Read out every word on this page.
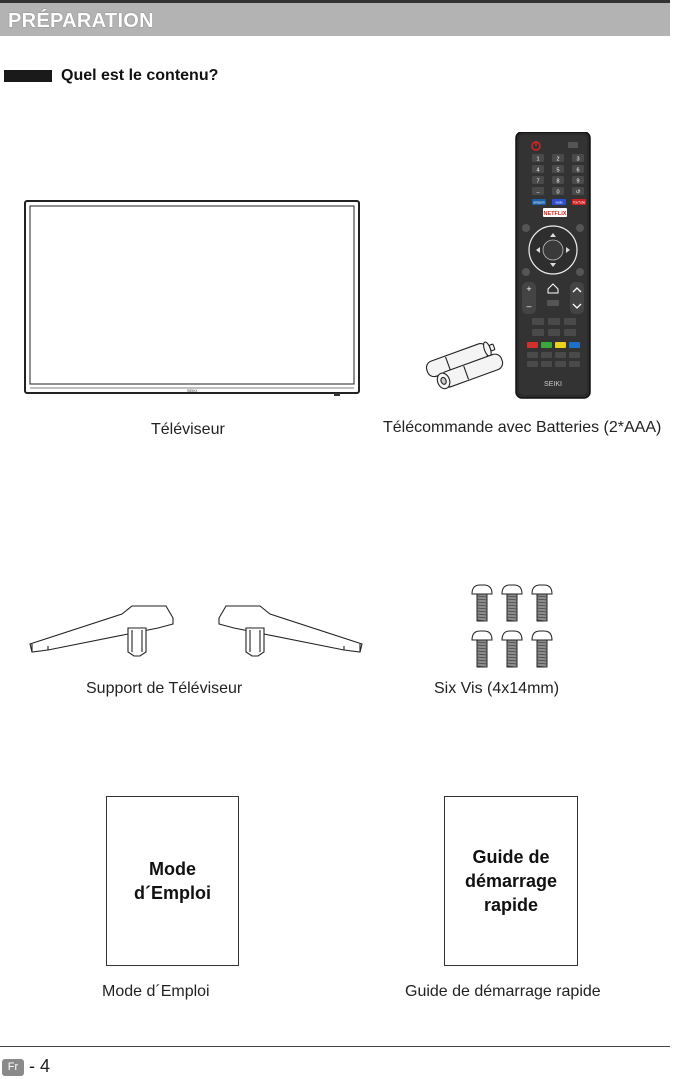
PRÉPARATION
Quel est le contenu?
SEIKI
Téléviseur
1	2	3
4	5	6
7	8	9
–	0	↺
amazon	vudu	YouTube
NETFLIX
+
–
SEIKI
Télécommande avec Batteries (2*AAA)
Support de Téléviseur	Six Vis (4x14mm)
Mode
d´Emploi
Mode d´Emploi
Guide de
démarrage
rapide
Guide de démarrage rapide
Fr - 4
